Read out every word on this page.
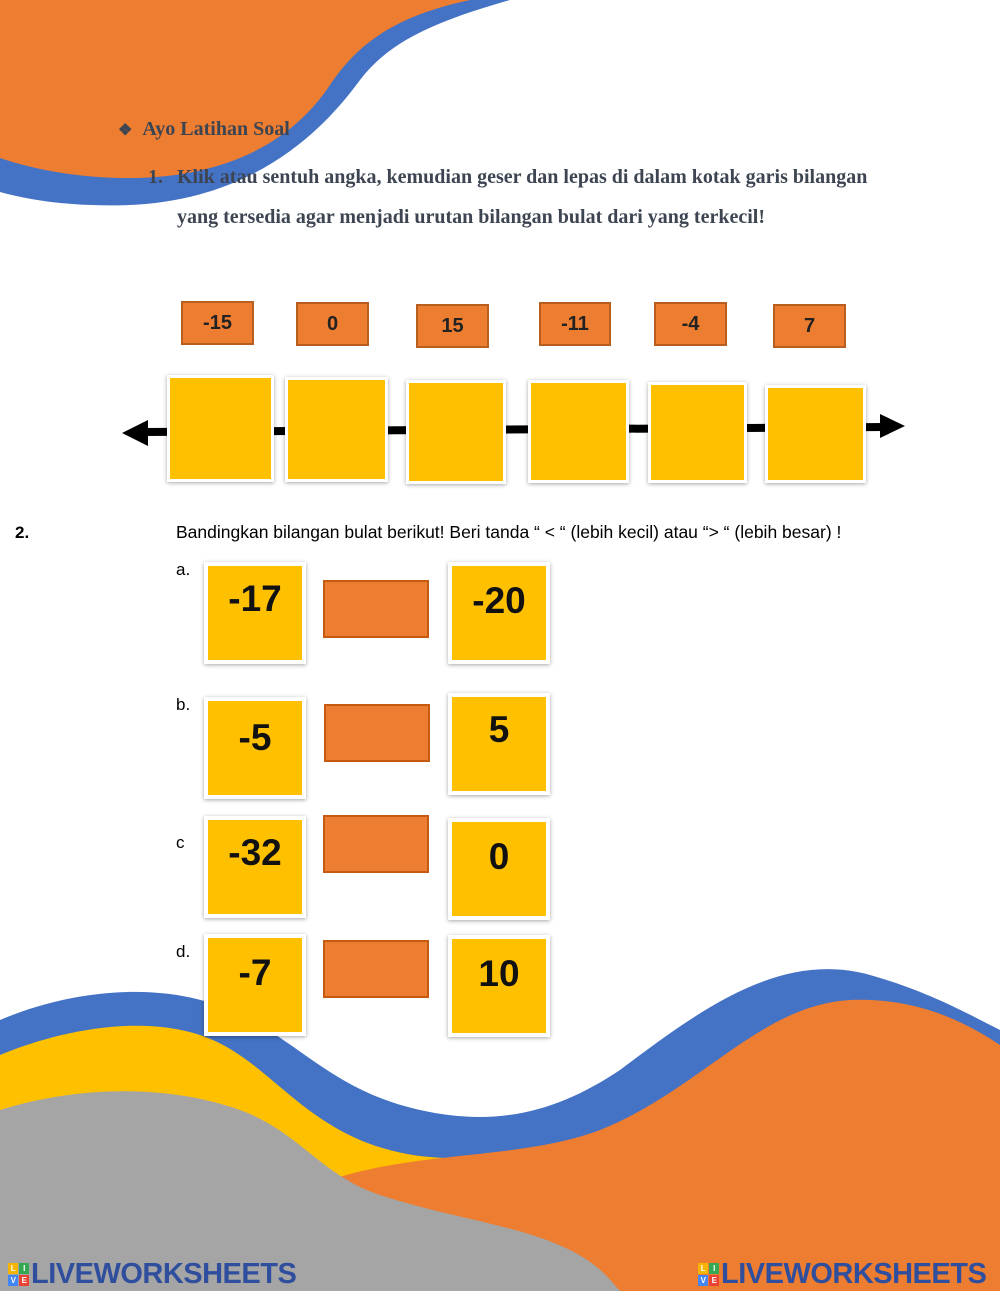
❖ Ayo Latihan Soal
1. Klik atau sentuh angka, kemudian geser dan lepas di dalam kotak garis bilangan yang tersedia agar menjadi urutan bilangan bulat dari yang terkecil!
-15	0	15	-11	-4	7
2.	Bandingkan bilangan bulat berikut! Beri tanda “ < “ (lebih kecil) atau “> “ (lebih besar) !
a.
-17	-20
b.
-5	5
c	-32	0
d.
-7	10
L I
V E LIVEWORKSHEETS	L I
V E LIVEWORKSHEETS
